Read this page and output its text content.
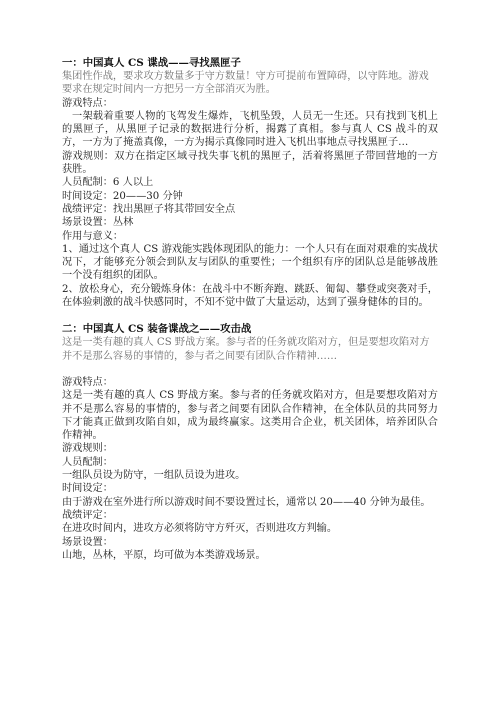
一：中国真人 CS 谍战——寻找黑匣子

集团性作战，要求攻方数量多于守方数量！守方可提前布置障碍，以守阵地。游戏要求在规定时间内一方把另一方全部消灭为胜。

游戏特点：

一架载着重要人物的飞驾发生爆炸，飞机坠毁，人员无一生还。只有找到飞机上的黑匣子，从黑匣子记录的数据进行分析，揭露了真相。参与真人 CS 战斗的双方，一方为了掩盖真像，一方为揭示真像同时进入飞机出事地点寻找黑匣子…

游戏规则：双方在指定区域寻找失事飞机的黑匣子，活着将黑匣子带回营地的一方获胜。

人员配制：6 人以上

时间设定：20——30 分钟

战绩评定：找出黑匣子将其带回安全点

场景设置：丛林

作用与意义：

1、通过这个真人 CS 游戏能实践体现团队的能力：一个人只有在面对艰难的实战状况下，才能够充分领会到队友与团队的重要性；一个组织有序的团队总是能够战胜一个没有组织的团队。

2、放松身心，充分锻炼身体：在战斗中不断奔跑、跳跃、匍匐、攀登或突袭对手，在体验刺激的战斗快感同时，不知不觉中做了大量运动，达到了强身健体的目的。

二：中国真人 CS 装备谍战之——攻击战

这是一类有趣的真人 CS 野战方案。参与者的任务就攻陷对方，但是要想攻陷对方并不是那么容易的事情的，参与者之间要有团队合作精神……

游戏特点：

这是一类有趣的真人 CS 野战方案。参与者的任务就攻陷对方，但是要想攻陷对方并不是那么容易的事情的，参与者之间要有团队合作精神，在全体队员的共同努力下才能真正做到攻陷自如，成为最终赢家。这类用合企业，机关团体，培养团队合作精神。

游戏规则：

人员配制：

一组队员设为防守，一组队员设为进攻。

时间设定：

由于游戏在室外进行所以游戏时间不要设置过长，通常以 20——40 分钟为最佳。

战绩评定：

在进攻时间内，进攻方必须将防守方歼灭，否则进攻方判输。

场景设置：

山地，丛林，平原，均可做为本类游戏场景。
